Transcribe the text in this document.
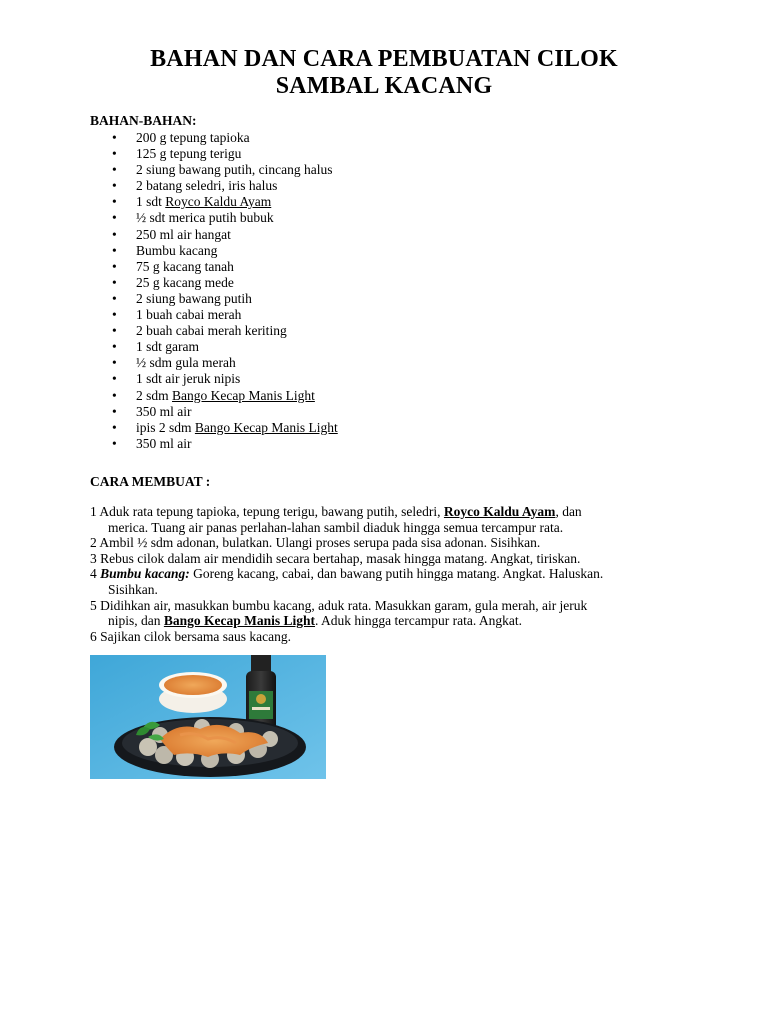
BAHAN DAN CARA PEMBUATAN CILOK
SAMBAL KACANG
BAHAN-BAHAN:
• 200 g tepung tapioka
• 125 g tepung terigu
• 2 siung bawang putih, cincang halus
• 2 batang seledri, iris halus
• 1 sdt Royco Kaldu Ayam
• ½ sdt merica putih bubuk
• 250 ml air hangat
• Bumbu kacang
• 75 g kacang tanah
• 25 g kacang mede
• 2 siung bawang putih
• 1 buah cabai merah
• 2 buah cabai merah keriting
• 1 sdt garam
• ½ sdm gula merah
• 1 sdt air jeruk nipis
• 2 sdm Bango Kecap Manis Light
• 350 ml air
• ipis 2 sdm Bango Kecap Manis Light
• 350 ml air
CARA MEMBUAT :
1 Aduk rata tepung tapioka, tepung terigu, bawang putih, seledri, Royco Kaldu Ayam, dan
merica. Tuang air panas perlahan-lahan sambil diaduk hingga semua tercampur rata.
2 Ambil ½ sdm adonan, bulatkan. Ulangi proses serupa pada sisa adonan. Sisihkan.
3 Rebus cilok dalam air mendidih secara bertahap, masak hingga matang. Angkat, tiriskan.
4 Bumbu kacang: Goreng kacang, cabai, dan bawang putih hingga matang. Angkat. Haluskan.
Sisihkan.
5 Didihkan air, masukkan bumbu kacang, aduk rata. Masukkan garam, gula merah, air jeruk
nipis, dan Bango Kecap Manis Light. Aduk hingga tercampur rata. Angkat.
6 Sajikan cilok bersama saus kacang.
